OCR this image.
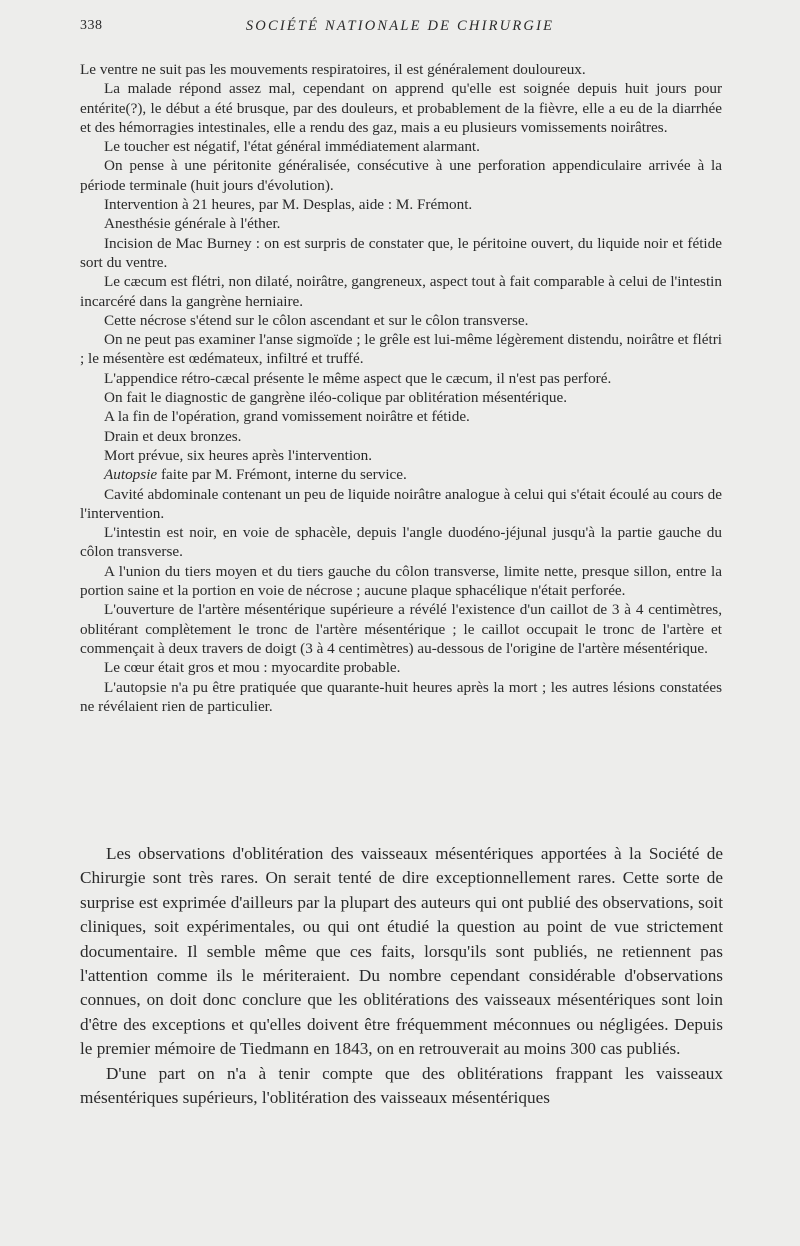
338	SOCIÉTÉ NATIONALE DE CHIRURGIE

Le ventre ne suit pas les mouvements respiratoires, il est généralement douloureux.

La malade répond assez mal, cependant on apprend qu'elle est soignée depuis huit jours pour entérite(?), le début a été brusque, par des douleurs, et probablement de la fièvre, elle a eu de la diarrhée et des hémorragies intestinales, elle a rendu des gaz, mais a eu plusieurs vomissements noirâtres.

Le toucher est négatif, l'état général immédiatement alarmant.

On pense à une péritonite généralisée, consécutive à une perforation appendiculaire arrivée à la période terminale (huit jours d'évolution).

Intervention à 21 heures, par M. Desplas, aide : M. Frémont.

Anesthésie générale à l'éther.

Incision de Mac Burney : on est surpris de constater que, le péritoine ouvert, du liquide noir et fétide sort du ventre.

Le cæcum est flétri, non dilaté, noirâtre, gangreneux, aspect tout à fait comparable à celui de l'intestin incarcéré dans la gangrène herniaire.

Cette nécrose s'étend sur le côlon ascendant et sur le côlon transverse.

On ne peut pas examiner l'anse sigmoïde ; le grêle est lui-même légèrement distendu, noirâtre et flétri ; le mésentère est œdémateux, infiltré et truffé.

L'appendice rétro-cæcal présente le même aspect que le cæcum, il n'est pas perforé.

On fait le diagnostic de gangrène iléo-colique par oblitération mésentérique.

A la fin de l'opération, grand vomissement noirâtre et fétide.

Drain et deux bronzes.

Mort prévue, six heures après l'intervention.

Autopsie faite par M. Frémont, interne du service.

Cavité abdominale contenant un peu de liquide noirâtre analogue à celui qui s'était écoulé au cours de l'intervention.

L'intestin est noir, en voie de sphacèle, depuis l'angle duodéno-jéjunal jusqu'à la partie gauche du côlon transverse.

A l'union du tiers moyen et du tiers gauche du côlon transverse, limite nette, presque sillon, entre la portion saine et la portion en voie de nécrose ; aucune plaque sphacélique n'était perforée.

L'ouverture de l'artère mésentérique supérieure a révélé l'existence d'un caillot de 3 à 4 centimètres, oblitérant complètement le tronc de l'artère mésentérique ; le caillot occupait le tronc de l'artère et commençait à deux travers de doigt (3 à 4 centimètres) au-dessous de l'origine de l'artère mésentérique.

Le cœur était gros et mou : myocardite probable.

L'autopsie n'a pu être pratiquée que quarante-huit heures après la mort ; les autres lésions constatées ne révélaient rien de particulier.

Les observations d'oblitération des vaisseaux mésentériques apportées à la Société de Chirurgie sont très rares. On serait tenté de dire exceptionnellement rares. Cette sorte de surprise est exprimée d'ailleurs par la plupart des auteurs qui ont publié des observations, soit cliniques, soit expérimentales, ou qui ont étudié la question au point de vue strictement documentaire. Il semble même que ces faits, lorsqu'ils sont publiés, ne retiennent pas l'attention comme ils le mériteraient. Du nombre cependant considérable d'observations connues, on doit donc conclure que les oblitérations des vaisseaux mésentériques sont loin d'être des exceptions et qu'elles doivent être fréquemment méconnues ou négligées. Depuis le premier mémoire de Tiedmann en 1843, on en retrouverait au moins 300 cas publiés.

D'une part on n'a à tenir compte que des oblitérations frappant les vaisseaux mésentériques supérieurs, l'oblitération des vaisseaux mésentériques
